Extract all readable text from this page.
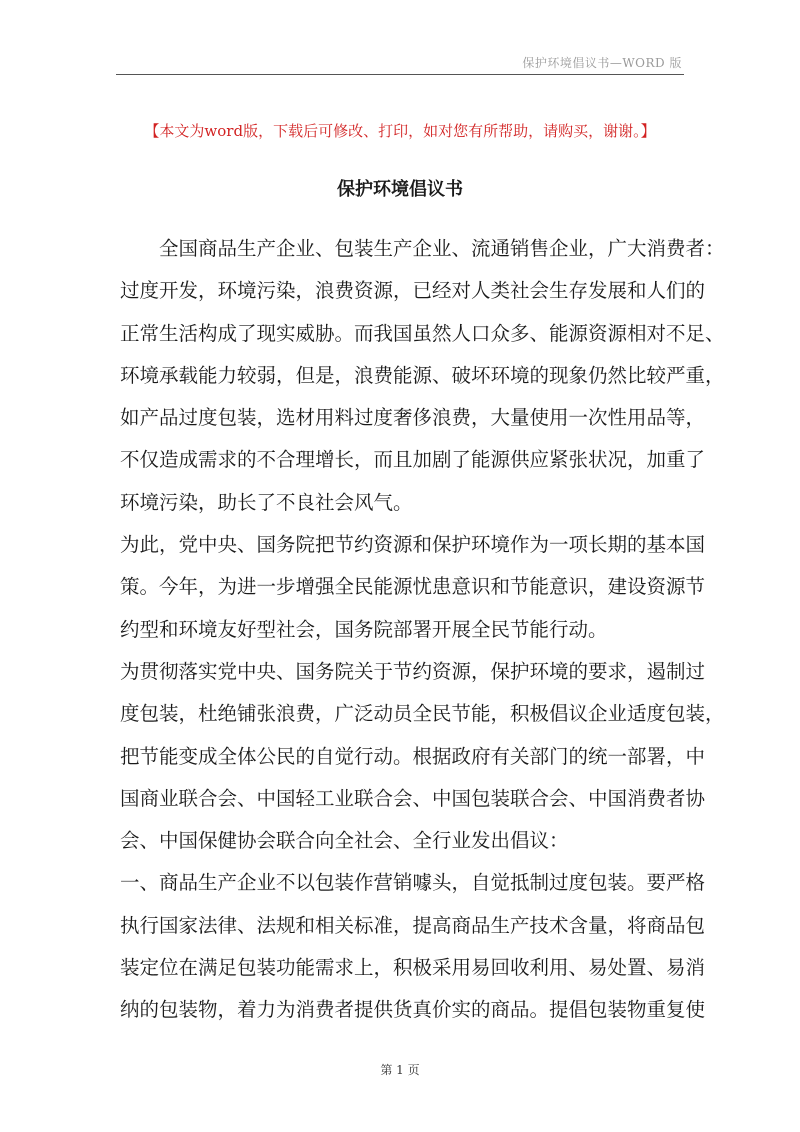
保护环境倡议书—WORD 版
【本文为word版，下载后可修改、打印，如对您有所帮助，请购买，谢谢。】
保护环境倡议书
全国商品生产企业、包装生产企业、流通销售企业，广大消费者：
过度开发，环境污染，浪费资源，已经对人类社会生存发展和人们的
正常生活构成了现实威胁。而我国虽然人口众多、能源资源相对不足、
环境承载能力较弱，但是，浪费能源、破坏环境的现象仍然比较严重，
如产品过度包装，选材用料过度奢侈浪费，大量使用一次性用品等，
不仅造成需求的不合理增长，而且加剧了能源供应紧张状况，加重了
环境污染，助长了不良社会风气。
为此，党中央、国务院把节约资源和保护环境作为一项长期的基本国
策。今年，为进一步增强全民能源忧患意识和节能意识，建设资源节
约型和环境友好型社会，国务院部署开展全民节能行动。
为贯彻落实党中央、国务院关于节约资源，保护环境的要求，遏制过
度包装，杜绝铺张浪费，广泛动员全民节能，积极倡议企业适度包装，
把节能变成全体公民的自觉行动。根据政府有关部门的统一部署，中
国商业联合会、中国轻工业联合会、中国包装联合会、中国消费者协
会、中国保健协会联合向全社会、全行业发出倡议：
一、商品生产企业不以包装作营销噱头，自觉抵制过度包装。要严格
执行国家法律、法规和相关标准，提高商品生产技术含量，将商品包
装定位在满足包装功能需求上，积极采用易回收利用、易处置、易消
纳的包装物，着力为消费者提供货真价实的商品。提倡包装物重复使
第 1 页
